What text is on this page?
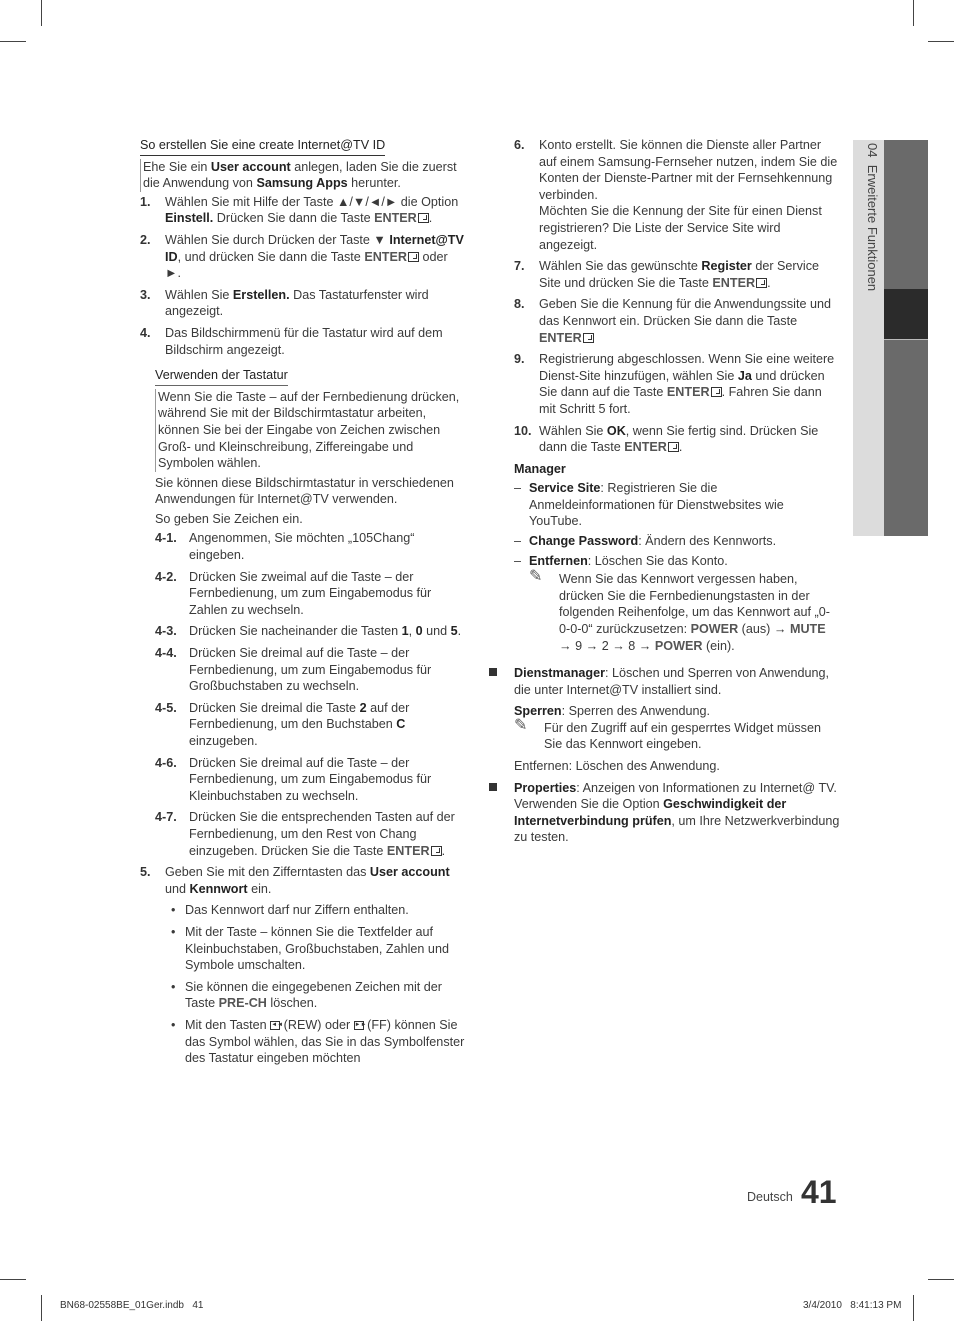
04  Erweiterte Funktionen

So erstellen Sie eine create Internet@TV ID

Ehe Sie ein User account anlegen, laden Sie die zuerst die Anwendung von Samsung Apps herunter.

1. Wählen Sie mit Hilfe der Taste ▲/▼/◄/► die Option Einstell. Drücken Sie dann die Taste ENTER .

2. Wählen Sie durch Drücken der Taste ▼ Internet@TV ID, und drücken Sie dann die Taste ENTER oder ►.

3. Wählen Sie Erstellen. Das Tastaturfenster wird angezeigt.

4. Das Bildschirmmenü für die Tastatur wird auf dem Bildschirm angezeigt.

Verwenden der Tastatur

Wenn Sie die Taste – auf der Fernbedienung drücken, während Sie mit der Bildschirmtastatur arbeiten, können Sie bei der Eingabe von Zeichen zwischen Groß- und Kleinschreibung, Ziffereingabe und Symbolen wählen.

Sie können diese Bildschirmtastatur in verschiedenen Anwendungen für Internet@TV verwenden.

So geben Sie Zeichen ein.

4-1. Angenommen, Sie möchten „105Chang“ eingeben.

4-2. Drücken Sie zweimal auf die Taste – der Fernbedienung, um zum Eingabemodus für Zahlen zu wechseln.

4-3. Drücken Sie nacheinander die Tasten 1, 0 und 5.

4-4. Drücken Sie dreimal auf die Taste – der Fernbedienung, um zum Eingabemodus für Großbuchstaben zu wechseln.

4-5. Drücken Sie dreimal die Taste 2 auf der Fernbedienung, um den Buchstaben C einzugeben.

4-6. Drücken Sie dreimal auf die Taste – der Fernbedienung, um zum Eingabemodus für Kleinbuchstaben zu wechseln.

4-7. Drücken Sie die entsprechenden Tasten auf der Fernbedienung, um den Rest von Chang einzugeben. Drücken Sie die Taste ENTER .

5. Geben Sie mit den Zifferntasten das User account und Kennwort ein.

• Das Kennwort darf nur Ziffern enthalten.

• Mit der Taste – können Sie die Textfelder auf Kleinbuchstaben, Großbuchstaben, Zahlen und Symbole umschalten.

• Sie können die eingegebenen Zeichen mit der Taste PRE-CH löschen.

• Mit den Tasten ◄◄ (REW) oder ►► (FF) können Sie das Symbol wählen, das Sie in das Symbolfenster des Tastatur eingeben möchten

6. Konto erstellt. Sie können die Dienste aller Partner auf einem Samsung-Fernseher nutzen, indem Sie die Konten der Dienste-Partner mit der Fernsehkennung verbinden.
Möchten Sie die Kennung der Site für einen Dienst registrieren? Die Liste der Service Site wird angezeigt.

7. Wählen Sie das gewünschte Register der Service Site und drücken Sie die Taste ENTER .

8. Geben Sie die Kennung für die Anwendungssite und das Kennwort ein. Drücken Sie dann die Taste ENTER

9. Registrierung abgeschlossen. Wenn Sie eine weitere Dienst-Site hinzufügen, wählen Sie Ja und drücken Sie dann auf die Taste ENTER . Fahren Sie dann mit Schritt 5 fort.

10. Wählen Sie OK, wenn Sie fertig sind. Drücken Sie dann die Taste ENTER .

Manager

– Service Site: Registrieren Sie die Anmeldeinformationen für Dienstwebsites wie YouTube.

– Change Password: Ändern des Kennworts.

– Entfernen: Löschen Sie das Konto.

✎ Wenn Sie das Kennwort vergessen haben, drücken Sie die Fernbedienungstasten in der folgenden Reihenfolge, um das Kennwort auf „0-0-0-0“ zurückzusetzen: POWER (aus) → MUTE → 9 → 2 → 8 → POWER (ein).

Dienstmanager: Löschen und Sperren von Anwendung, die unter Internet@TV installiert sind.

Sperren: Sperren des Anwendung.

✎ Für den Zugriff auf ein gesperrtes Widget müssen Sie das Kennwort eingeben.

Entfernen: Löschen des Anwendung.

Properties: Anzeigen von Informationen zu Internet@ TV. Verwenden Sie die Option Geschwindigkeit der Internetverbindung prüfen, um Ihre Netzwerkverbindung zu testen.

Deutsch 41
BN68-02558BE_01Ger.indb   41	3/4/2010   8:41:13 PM
